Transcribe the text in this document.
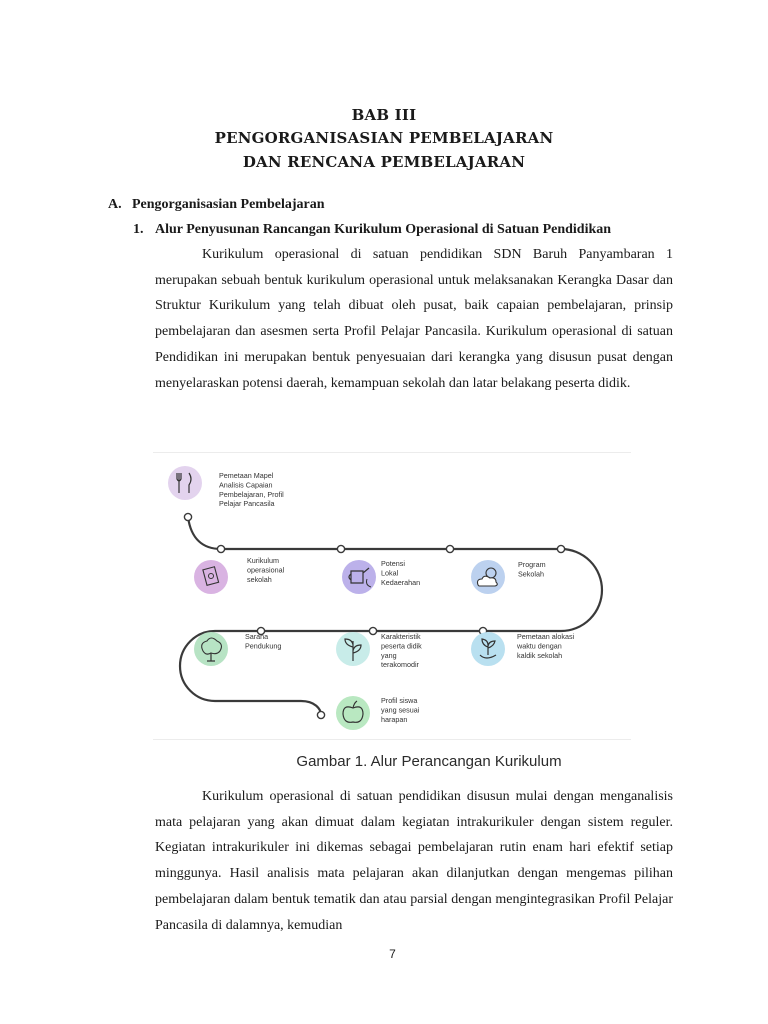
BAB III
PENGORGANISASIAN PEMBELAJARAN
DAN RENCANA PEMBELAJARAN
A. Pengorganisasian Pembelajaran
1. Alur Penyusunan Rancangan Kurikulum Operasional di Satuan Pendidikan

Kurikulum operasional di satuan pendidikan SDN Baruh Panyambaran 1 merupakan sebuah bentuk kurikulum operasional untuk melaksanakan Kerangka Dasar dan Struktur Kurikulum yang telah dibuat oleh pusat, baik capaian pembelajaran, prinsip pembelajaran dan asesmen serta Profil Pelajar Pancasila. Kurikulum operasional di satuan Pendidikan ini merupakan bentuk penyesuaian dari kerangka yang disusun pusat dengan menyelaraskan potensi daerah, kemampuan sekolah dan latar belakang peserta didik.

Pemetaan Mapel Analisis Capaian Pembelajaran, Profil Pelajar Pancasila
Kurikulum operasional sekolah
Potensi Lokal Kedaerahan
Program Sekolah
Sarana Pendukung
Karakteristik peserta didik yang terakomodir
Pemetaan alokasi waktu dengan kaldik sekolah
Profil siswa yang sesuai harapan
Gambar 1. Alur Perancangan Kurikulum

Kurikulum operasional di satuan pendidikan disusun mulai dengan menganalisis mata pelajaran yang akan dimuat dalam kegiatan intrakurikuler dengan sistem reguler. Kegiatan intrakurikuler ini dikemas sebagai pembelajaran rutin enam hari efektif setiap minggunya. Hasil analisis mata pelajaran akan dilanjutkan dengan mengemas pilihan pembelajaran dalam bentuk tematik dan atau parsial dengan mengintegrasikan Profil Pelajar Pancasila di dalamnya, kemudian

7
